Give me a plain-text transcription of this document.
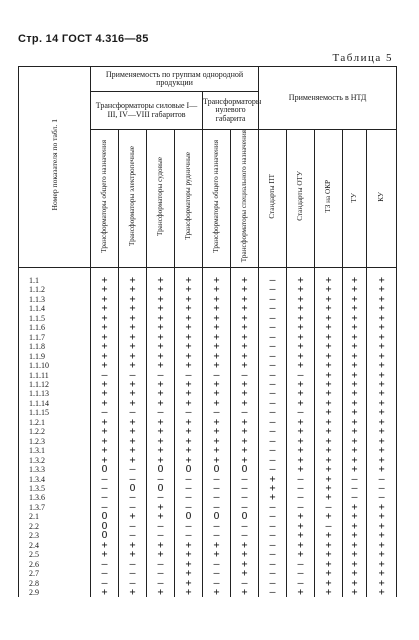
Стр. 14 ГОСТ 4.316—85
Таблица 5
Номер показателя по табл. 1	Применяемость по группам однородной продукции						Применяемость в НТД				
	Трансформаторы силовые I—III, IV—VIII габаритов				Трансформаторы нулевого габарита						
	Трансформаторы общего назначения	Трансформаторы электропечные	Трансформаторы судовые	Трансформаторы рудничные	Трансформаторы общего назначения	Трансформаторы специального назначения	Стандарты ПТ	Стандарты ОТУ	ТЗ на ОКР	ТУ	КУ
1.1	+	+	+	+	+	+	—	+	+	+	+
1.1.2	+	+	+	+	+	+	—	+	+	+	+
1.1.3	+	+	+	+	+	+	—	+	+	+	+
1.1.4	+	+	+	+	+	+	—	+	+	+	+
1.1.5	+	+	+	+	+	+	—	+	+	+	+
1.1.6	+	+	+	+	+	+	—	+	+	+	+
1.1.7	+	+	+	+	+	+	—	+	+	+	+
1.1.8	+	+	+	+	+	+	—	+	+	+	+
1.1.9	+	+	+	+	+	+	—	+	+	+	+
1.1.10	+	+	+	+	+	+	—	+	+	+	+
1.1.11	—	—	—	—	—	—	—	—	+	+	+
1.1.12	+	+	+	+	+	+	—	+	+	+	+
1.1.13	+	+	+	+	+	+	—	+	+	+	+
1.1.14	+	+	+	+	+	+	—	+	+	+	+
1.1.15	—	—	—	—	—	—	—	—	+	+	+
1.2.1	+	+	+	+	+	+	—	+	+	+	+
1.2.2	+	+	+	+	+	+	—	+	+	+	+
1.2.3	+	+	+	+	+	+	—	+	+	+	+
1.3.1	+	+	+	+	+	+	—	+	+	+	+
1.3.2	+	+	+	+	+	+	—	+	+	+	+
1.3.3	O	—	O	O	O	O	—	+	+	+	+
1.3.4	—	—	—	—	—	—	+	—	+	—	—
1.3.5	—	O	O	—	—	—	+	—	+	—	—
1.3.6	—	—	—	—	—	—	+	—	+	—	—
1.3.7	—	—	+	—	—	—	—	—	—	+	+
2.1	O	+	+	O	O	O	—	+	+	+	+
2.2	O	—	—	—	—	—	—	+	—	+	+
2.3	O	—	—	—	—	—	—	+	+	+	+
2.4	+	+	+	+	+	+	—	+	+	+	+
2.5	+	+	+	+	+	+	—	+	+	+	+
2.6	—	—	—	+	—	+	—	—	+	+	+
2.7	—	—	—	+	—	+	—	—	+	+	+
2.8	—	—	—	+	—	—	—	—	+	+	+
2.9	+	+	+	+	+	+	—	+	+	+	+
